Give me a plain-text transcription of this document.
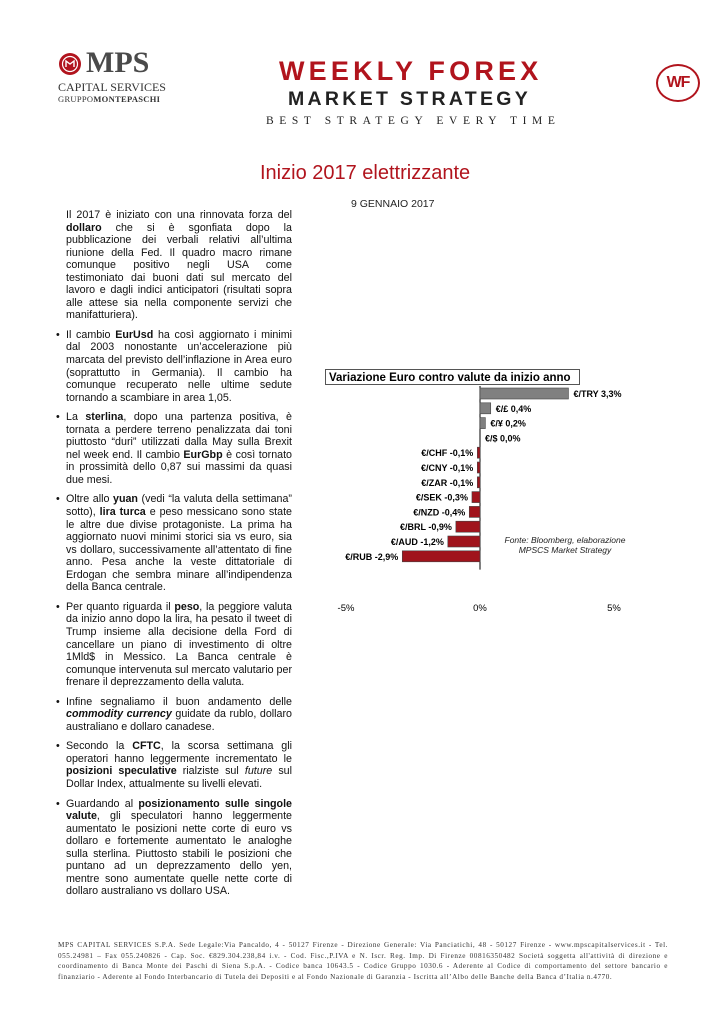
MPS
CAPITAL SERVICES
GRUPPOMONTEPASCHI
WEEKLY FOREX
MARKET STRATEGY
WF
BEST STRATEGY EVERY TIME
Inizio 2017 elettrizzante
9 GENNAIO 2017

Il 2017 è iniziato con una rinnovata forza del dollaro che si è sgonfiata dopo la pubblicazione dei verbali relativi all’ultima riunione della Fed. Il quadro macro rimane comunque positivo negli USA come testimoniato dai buoni dati sul mercato del lavoro e dagli indici anticipatori (risultati sopra alle attese sia nella componente servizi che manifatturiera).

• Il cambio EurUsd ha così aggiornato i minimi dal 2003 nonostante un’accelerazione più marcata del previsto dell’inflazione in Area euro (soprattutto in Germania). Il cambio ha comunque recuperato nelle ultime sedute tornando a scambiare in area 1,05.

• La sterlina, dopo una partenza positiva, è tornata a perdere terreno penalizzata dai toni piuttosto “duri” utilizzati dalla May sulla Brexit nel week end. Il cambio EurGbp è così tornato in prossimità dello 0,87 sui massimi da quasi due mesi.

• Oltre allo yuan (vedi “la valuta della settimana” sotto), lira turca e peso messicano sono state le altre due divise protagoniste. La prima ha aggiornato nuovi minimi storici sia vs euro, sia vs dollaro, successivamente all’attentato di fine anno. Pesa anche la veste dittatoriale di Erdogan che sembra minare all’indipendenza della Banca centrale.

• Per quanto riguarda il peso, la peggiore valuta da inizio anno dopo la lira, ha pesato il tweet di Trump insieme alla decisione della Ford di cancellare un piano di investimento di oltre 1Mld$ in Messico. La Banca centrale è comunque intervenuta sul mercato valutario per frenare il deprezzamento della valuta.

• Infine segnaliamo il buon andamento delle commodity currency guidate da rublo, dollaro australiano e dollaro canadese.

• Secondo la CFTC, la scorsa settimana gli operatori hanno leggermente incrementato le posizioni speculative rialziste sul future sul Dollar Index, attualmente su livelli elevati.

• Guardando al posizionamento sulle singole valute, gli speculatori hanno leggermente aumentato le posizioni nette corte di euro vs dollaro e fortemente aumentato le analoghe sulla sterlina. Piuttosto stabili le posizioni che puntano ad un deprezzamento dello yen, mentre sono aumentate quelle nette corte di dollaro australiano vs dollaro USA.

Variazione Euro contro valute da inizio anno
€/TRY 3,3%
€/£ 0,4%
€/¥ 0,2%
€/$ 0,0%
€/CHF -0,1%
€/CNY -0,1%
€/ZAR -0,1%
€/SEK -0,3%
€/NZD -0,4%
€/BRL -0,9%
€/AUD -1,2%
€/RUB -2,9%
-5%	0%	5%
Fonte: Bloomberg, elaborazione
MPSCS Market Strategy
MPS CAPITAL SERVICES S.P.A. Sede Legale:Via Pancaldo, 4 - 50127 Firenze - Direzione Generale: Via Panciatichi, 48 - 50127 Firenze - www.mpscapitalservices.it - Tel. 055.24981 – Fax 055.240826 - Cap. Soc. €829.304.238,84 i.v. - Cod. Fisc.,P.IVA e N. Iscr. Reg. Imp. Di Firenze 00816350482 Società soggetta all'attività di direzione e coordinamento di Banca Monte dei Paschi di Siena S.p.A. - Codice banca 10643.5 - Codice Gruppo 1030.6 - Aderente al Codice di comportamento del settore bancario e finanziario - Aderente al Fondo Interbancario di Tutela dei Depositi e al Fondo Nazionale di Garanzia - Iscritta all’Albo delle Banche della Banca d’Italia n.4770.
